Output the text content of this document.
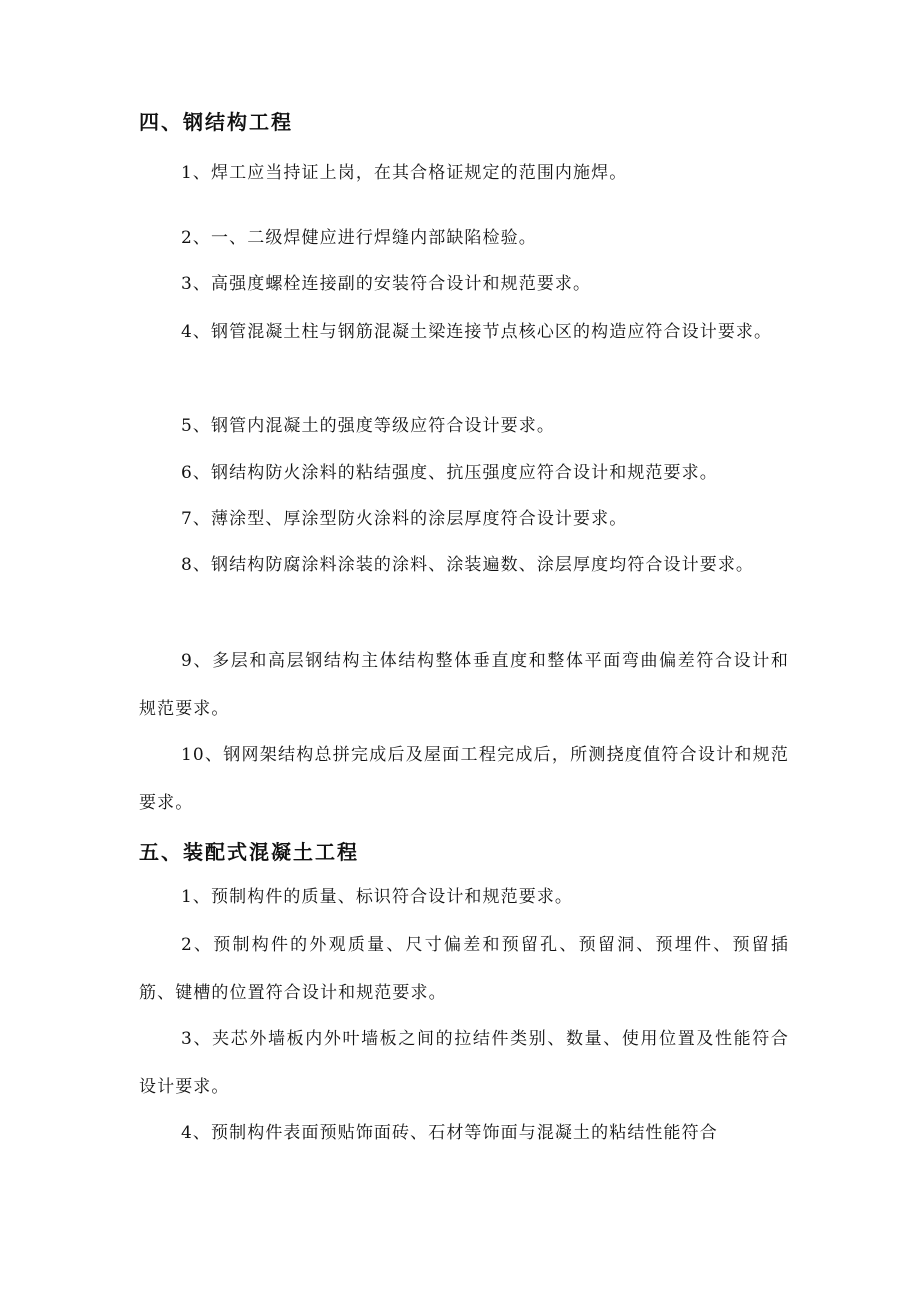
四、钢结构工程

1、焊工应当持证上岗，在其合格证规定的范围内施焊。

2、一、二级焊健应进行焊缝内部缺陷检验。

3、高强度螺栓连接副的安装符合设计和规范要求。

4、钢管混凝土柱与钢筋混凝土梁连接节点核心区的构造应符合设计要求。

5、钢管内混凝土的强度等级应符合设计要求。

6、钢结构防火涂料的粘结强度、抗压强度应符合设计和规范要求。

7、薄涂型、厚涂型防火涂料的涂层厚度符合设计要求。

8、钢结构防腐涂料涂装的涂料、涂装遍数、涂层厚度均符合设计要求。

9、多层和高层钢结构主体结构整体垂直度和整体平面弯曲偏差符合设计和规范要求。

10、钢网架结构总拼完成后及屋面工程完成后，所测挠度值符合设计和规范要求。

五、装配式混凝土工程

1、预制构件的质量、标识符合设计和规范要求。

2、预制构件的外观质量、尺寸偏差和预留孔、预留洞、预埋件、预留插筋、键槽的位置符合设计和规范要求。

3、夹芯外墙板内外叶墙板之间的拉结件类别、数量、使用位置及性能符合设计要求。

4、预制构件表面预贴饰面砖、石材等饰面与混凝土的粘结性能符合
